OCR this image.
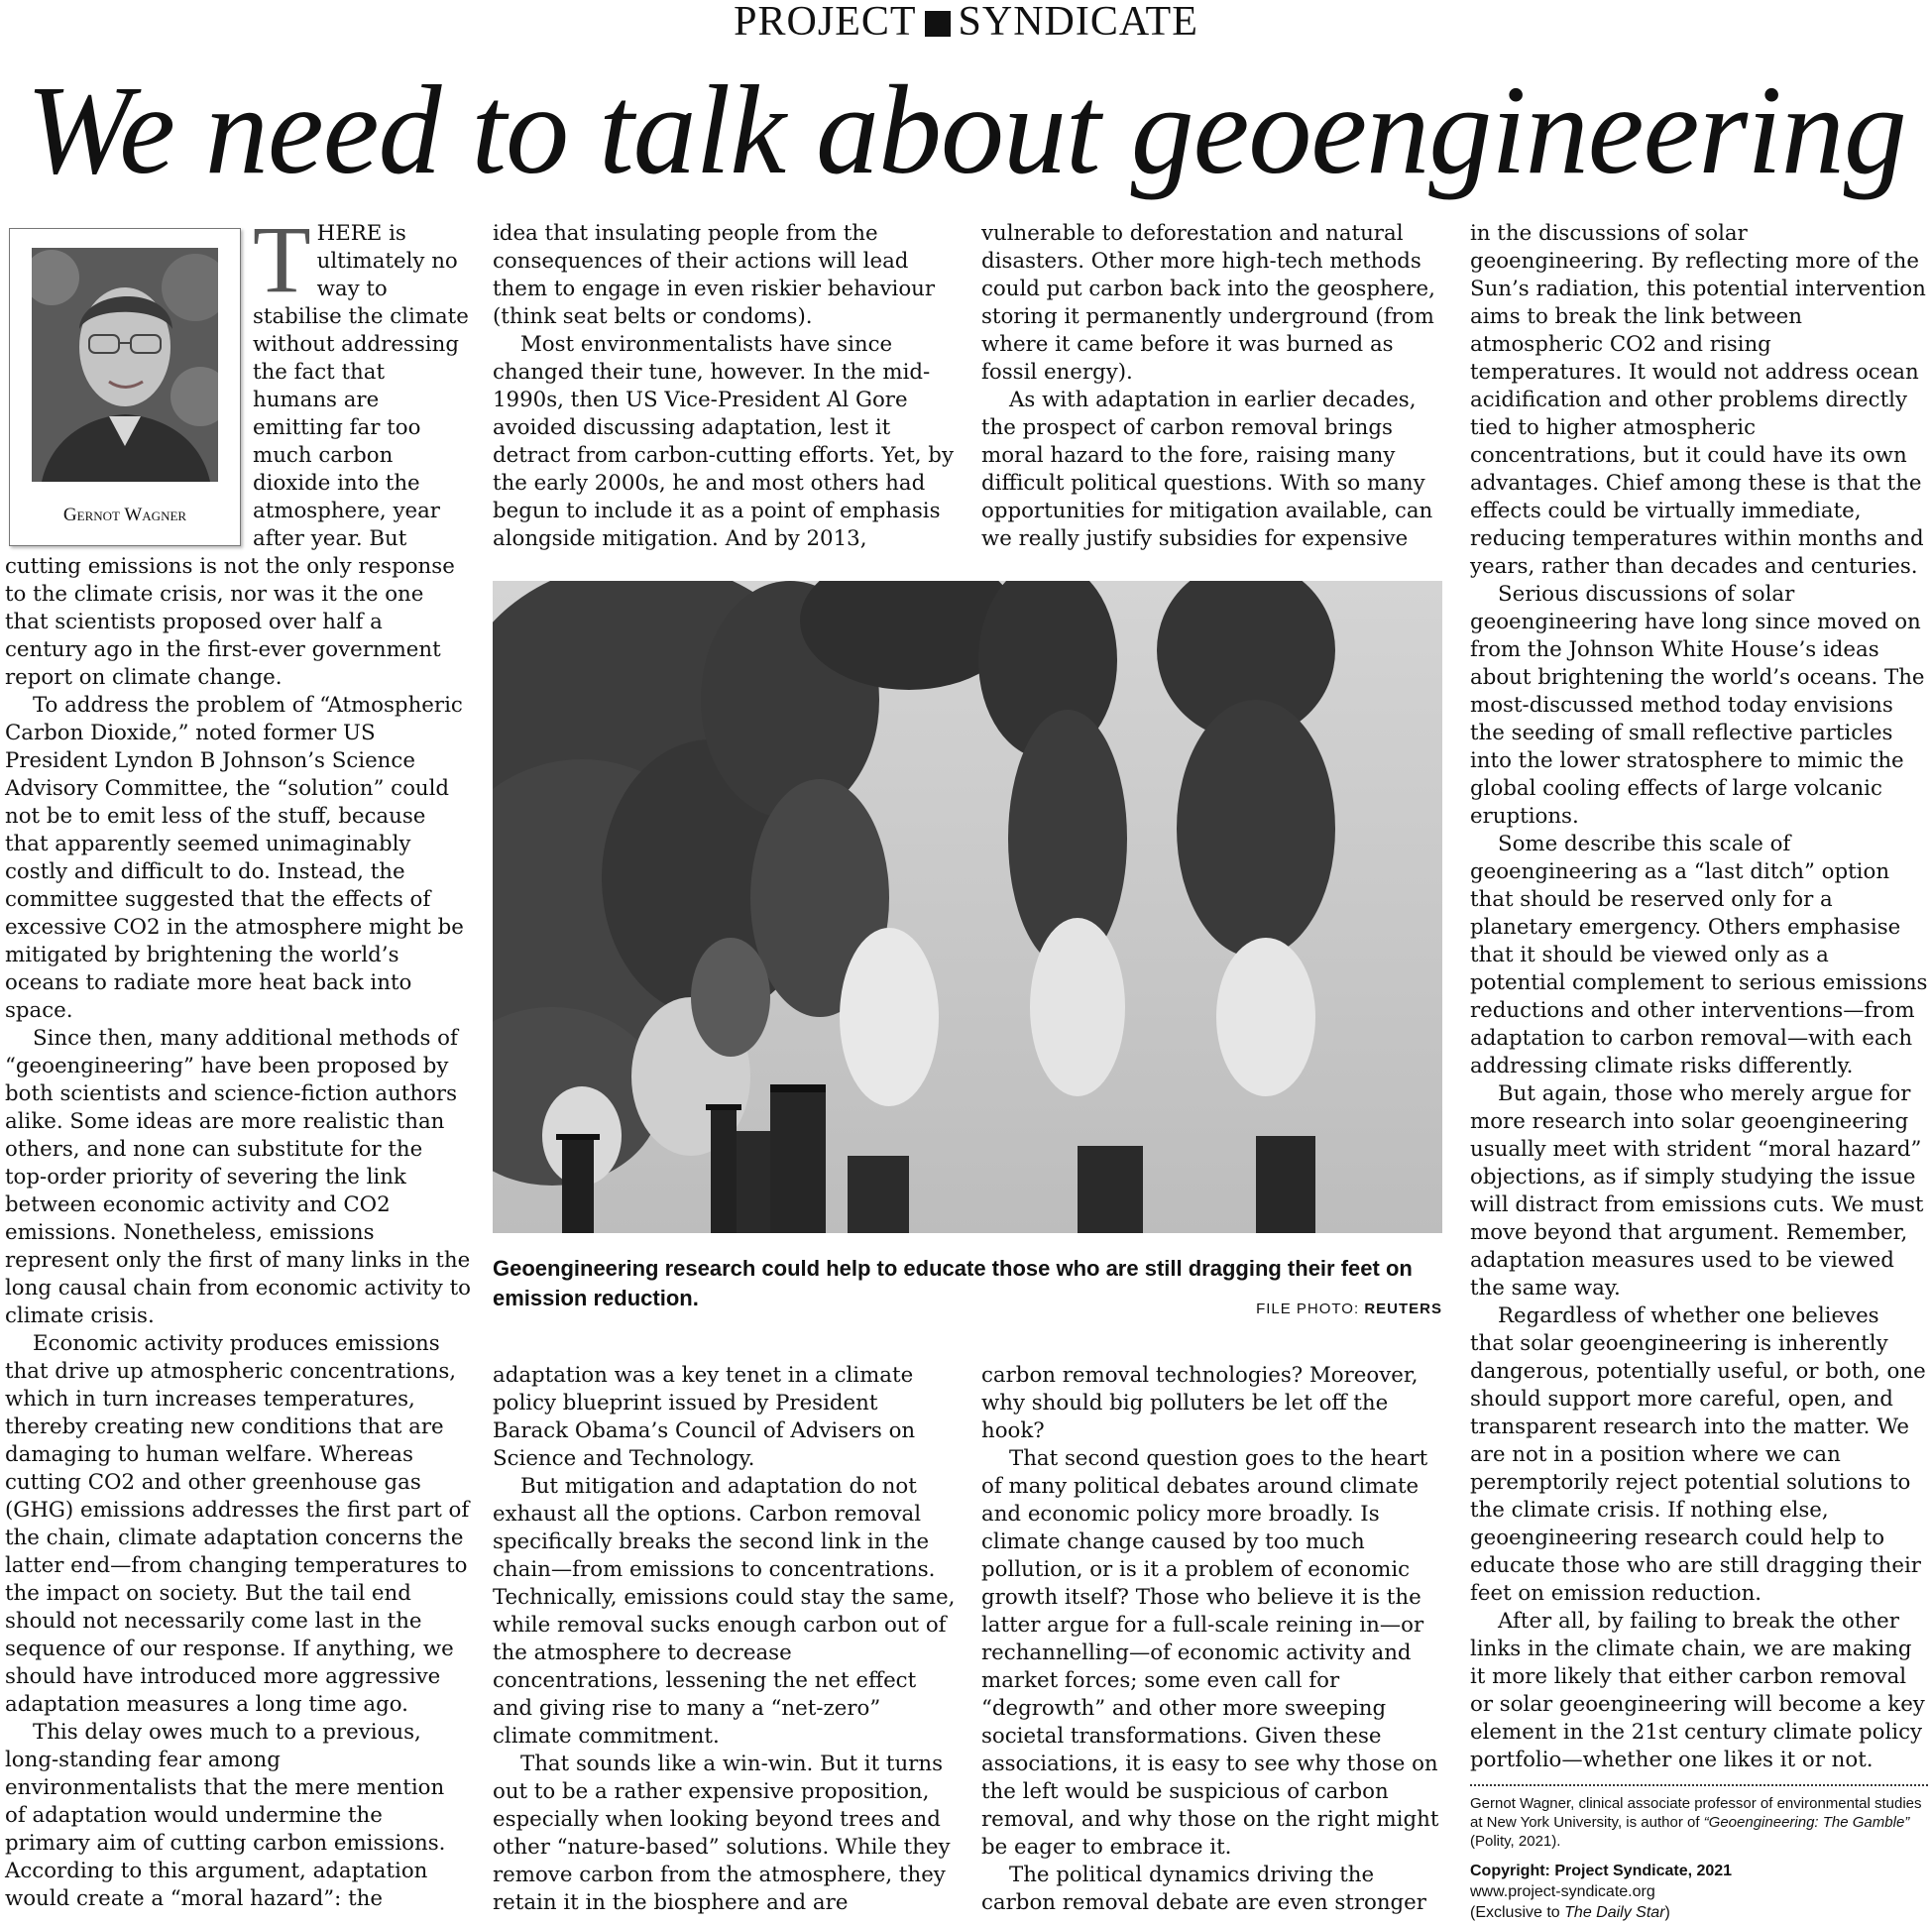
PROJECT SYNDICATE
We need to talk about geoengineering
Gernot Wagner
T HERE is ultimately no way to stabilise the climate without addressing the fact that humans are emitting far too much carbon dioxide into the atmosphere, year after year. But cutting emissions is not the only response to the climate crisis, nor was it the one that scientists proposed over half a century ago in the first-ever government report on climate change.

To address the problem of “Atmospheric Carbon Dioxide,” noted former US President Lyndon B Johnson’s Science Advisory Committee, the “solution” could not be to emit less of the stuff, because that apparently seemed unimaginably costly and difficult to do. Instead, the committee suggested that the effects of excessive CO2 in the atmosphere might be mitigated by brightening the world’s oceans to radiate more heat back into space.

Since then, many additional methods of “geoengineering” have been proposed by both scientists and science-fiction authors alike. Some ideas are more realistic than others, and none can substitute for the top-order priority of severing the link between economic activity and CO2 emissions. Nonetheless, emissions represent only the first of many links in the long causal chain from economic activity to climate crisis.

Economic activity produces emissions that drive up atmospheric concentrations, which in turn increases temperatures, thereby creating new conditions that are damaging to human welfare. Whereas cutting CO2 and other greenhouse gas (GHG) emissions addresses the first part of the chain, climate adaptation concerns the latter end—from changing temperatures to the impact on society. But the tail end should not necessarily come last in the sequence of our response. If anything, we should have introduced more aggressive adaptation measures a long time ago.

This delay owes much to a previous, long-standing fear among environmentalists that the mere mention of adaptation would undermine the primary aim of cutting carbon emissions. According to this argument, adaptation would create a “moral hazard”: the

idea that insulating people from the consequences of their actions will lead them to engage in even riskier behaviour (think seat belts or condoms).

Most environmentalists have since changed their tune, however. In the mid-1990s, then US Vice-President Al Gore avoided discussing adaptation, lest it detract from carbon-cutting efforts. Yet, by the early 2000s, he and most others had begun to include it as a point of emphasis alongside mitigation. And by 2013,

vulnerable to deforestation and natural disasters. Other more high-tech methods could put carbon back into the geosphere, storing it permanently underground (from where it came before it was burned as fossil energy).

As with adaptation in earlier decades, the prospect of carbon removal brings moral hazard to the fore, raising many difficult political questions. With so many opportunities for mitigation available, can we really justify subsidies for expensive

Geoengineering research could help to educate those who are still dragging their feet on emission reduction.	FILE PHOTO: REUTERS

adaptation was a key tenet in a climate policy blueprint issued by President Barack Obama’s Council of Advisers on Science and Technology.

But mitigation and adaptation do not exhaust all the options. Carbon removal specifically breaks the second link in the chain—from emissions to concentrations. Technically, emissions could stay the same, while removal sucks enough carbon out of the atmosphere to decrease concentrations, lessening the net effect and giving rise to many a “net-zero” climate commitment.

That sounds like a win-win. But it turns out to be a rather expensive proposition, especially when looking beyond trees and other “nature-based” solutions. While they remove carbon from the atmosphere, they retain it in the biosphere and are

carbon removal technologies? Moreover, why should big polluters be let off the hook?

That second question goes to the heart of many political debates around climate and economic policy more broadly. Is climate change caused by too much pollution, or is it a problem of economic growth itself? Those who believe it is the latter argue for a full-scale reining in—or rechannelling—of economic activity and market forces; some even call for “degrowth” and other more sweeping societal transformations. Given these associations, it is easy to see why those on the left would be suspicious of carbon removal, and why those on the right might be eager to embrace it.

The political dynamics driving the carbon removal debate are even stronger

in the discussions of solar geoengineering. By reflecting more of the Sun’s radiation, this potential intervention aims to break the link between atmospheric CO2 and rising temperatures. It would not address ocean acidification and other problems directly tied to higher atmospheric concentrations, but it could have its own advantages. Chief among these is that the effects could be virtually immediate, reducing temperatures within months and years, rather than decades and centuries.

Serious discussions of solar geoengineering have long since moved on from the Johnson White House’s ideas about brightening the world’s oceans. The most-discussed method today envisions the seeding of small reflective particles into the lower stratosphere to mimic the global cooling effects of large volcanic eruptions.

Some describe this scale of geoengineering as a “last ditch” option that should be reserved only for a planetary emergency. Others emphasise that it should be viewed only as a potential complement to serious emissions reductions and other interventions—from adaptation to carbon removal—with each addressing climate risks differently.

But again, those who merely argue for more research into solar geoengineering usually meet with strident “moral hazard” objections, as if simply studying the issue will distract from emissions cuts. We must move beyond that argument. Remember, adaptation measures used to be viewed the same way.

Regardless of whether one believes that solar geoengineering is inherently dangerous, potentially useful, or both, one should support more careful, open, and transparent research into the matter. We are not in a position where we can peremptorily reject potential solutions to the climate crisis. If nothing else, geoengineering research could help to educate those who are still dragging their feet on emission reduction.

After all, by failing to break the other links in the climate chain, we are making it more likely that either carbon removal or solar geoengineering will become a key element in the 21st century climate policy portfolio—whether one likes it or not.

Gernot Wagner, clinical associate professor of environmental studies at New York University, is author of “Geoengineering: The Gamble” (Polity, 2021).
Copyright: Project Syndicate, 2021
www.project-syndicate.org
(Exclusive to The Daily Star)
